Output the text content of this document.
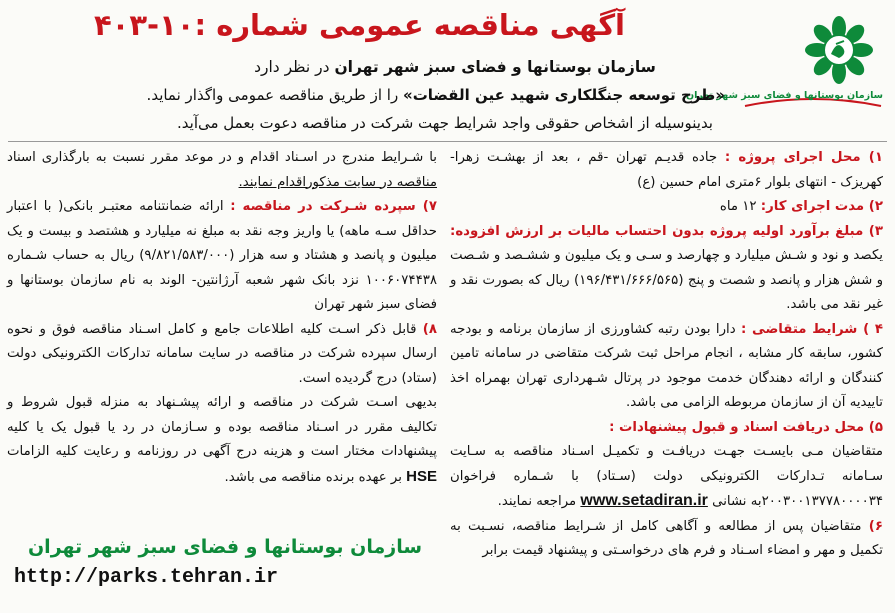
سازمان بوستانها و فضای سبز شهر تهران
آگهی مناقصه عمومی شماره :۱۰-۴۰۳
سازمان بوستانها و فضای سبز شهر تهران در نظر دارد
«طرح توسعه جنگلکاری شهید عین القضات» را از طریق مناقصه عمومی واگذار نماید.
بدینوسیله از اشخاص حقوقی واجد شرایط جهت شرکت در مناقصه دعوت بعمل می‌آید.

۱) محل اجرای پروژه : جاده قدیـم تهران -قم ، بعد از بهشـت زهرا- کهریزک - انتهای بلوار ۶متری امام حسین (ع)

۲) مدت اجرای کار: ۱۲ ماه

۳) مبلغ برآورد اولیه پروژه بدون احتساب مالیات بر ارزش افزوده: یکصد و نود و شـش میلیارد و چهارصد و سـی و یک میلیون و ششـصد و شـصت و شش هزار و پانصد و شصت و پنج (۱۹۶/۴۳۱/۶۶۶/۵۶۵) ریال که بصورت نقد و غیر نقد می باشد.

۴ ) شرایط متقاضی : دارا بودن رتبه کشاورزی از سازمان برنامه و بودجه کشور، سابقه کار مشابه ، انجام مراحل ثبت شرکت متقاضی در سامانه تامین کنندگان و ارائه دهندگان خدمت موجود در پرتال شـهرداری تهران بهمراه اخذ تاییدیه آن از سازمان مربوطه الزامی می باشد.

۵) محل دریافت اسناد و قبول پیشنهادات :

متقاضیان مـی بایسـت جهـت دریافـت و تکمیـل اسـناد مناقصه به سـایت سـامانه تـدارکات الکترونیکی دولت (سـتاد) با شـماره فراخوان ۲۰۰۳۰۰۱۳۷۷۸۰۰۰۰۳۴به نشانی www.setadiran.ir مراجعه نمایند.

۶) متقاضیان پس از مطالعه و آگاهی کامل از شـرایط مناقصه، نسـبت به تکمیل و مهر و امضاء اسـناد و فرم های درخواسـتی و پیشنهاد قیمت برابر

با شـرایط مندرج در اسـناد اقدام و در موعد مقرر نسبت به بارگذاری اسناد مناقصه در سایت مذکوراقدام نمایند.

۷) سپرده شـرکت در مناقصه : ارائه ضمانتنامه معتبـر بانکی( با اعتبار حداقل سـه ماهه) یا واریز وجه نقد به مبلغ نه میلیارد و هشتصد و بیست و یک میلیون و پانصد و هشتاد و سه هزار (۹/۸۲۱/۵۸۳/۰۰۰) ریال به حساب شـماره ۱۰۰۶۰۷۴۴۳۸ نزد بانک شهر شعبه آرژانتین- الوند به نام سازمان بوستانها و فضای سبز شهر تهران

۸) قابل ذکر اسـت کلیه اطلاعات جامع و کامل اسـناد مناقصه فوق و نحوه ارسال سپرده شرکت در مناقصه در سایت سامانه تدارکات الکترونیکی دولت (ستاد) درج گردیده است.

بدیهی اسـت شرکت در مناقصه و ارائه پیشـنهاد به منزله قبول شروط و تکالیف مقرر در اسـناد مناقصه بوده و سـازمان در رد یا قبول یک یا کلیه پیشنهادات مختار است و هزینه درج آگهی در روزنامه و رعایت کلیه الزامات HSE بر عهده برنده مناقصه می باشد.

سازمان بوستانها و فضای سبز شهر تهران
http://parks.tehran.ir
